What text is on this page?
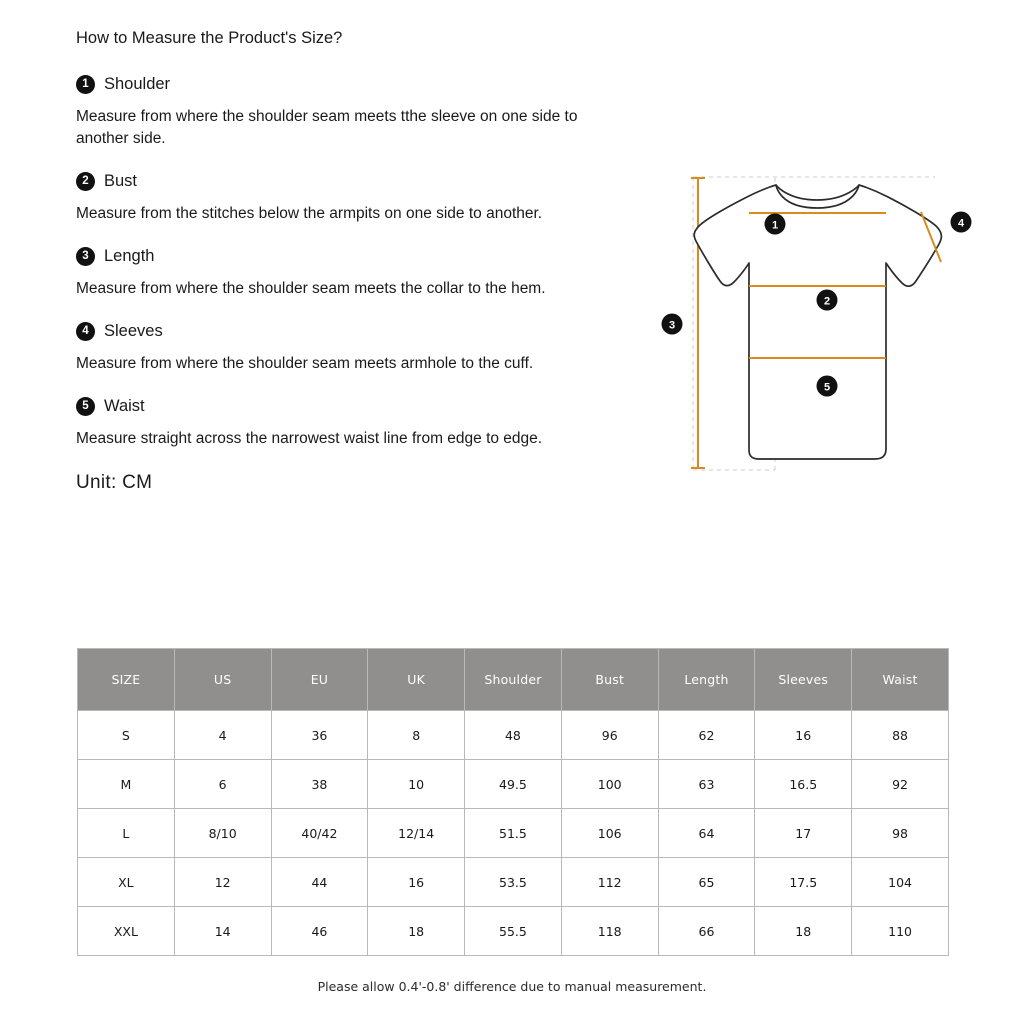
How to Measure the Product's Size?

1 Shoulder

Measure from where the shoulder seam meets tthe sleeve on one side to another side.

2 Bust

Measure from the stitches below the armpits on one side to another.

3 Length

Measure from where the shoulder seam meets the collar to the hem.

4 Sleeves

Measure from where the shoulder seam meets armhole to the cuff.

5 Waist

Measure straight across the narrowest waist line from edge to edge.

Unit: CM

1
2
3
4
5
SIZE	US	EU	UK	Shoulder	Bust	Length	Sleeves	Waist
S	4	36	8	48	96	62	16	88
M	6	38	10	49.5	100	63	16.5	92
L	8/10	40/42	12/14	51.5	106	64	17	98
XL	12	44	16	53.5	112	65	17.5	104
XXL	14	46	18	55.5	118	66	18	110
Please allow 0.4'-0.8' difference due to manual measurement.
